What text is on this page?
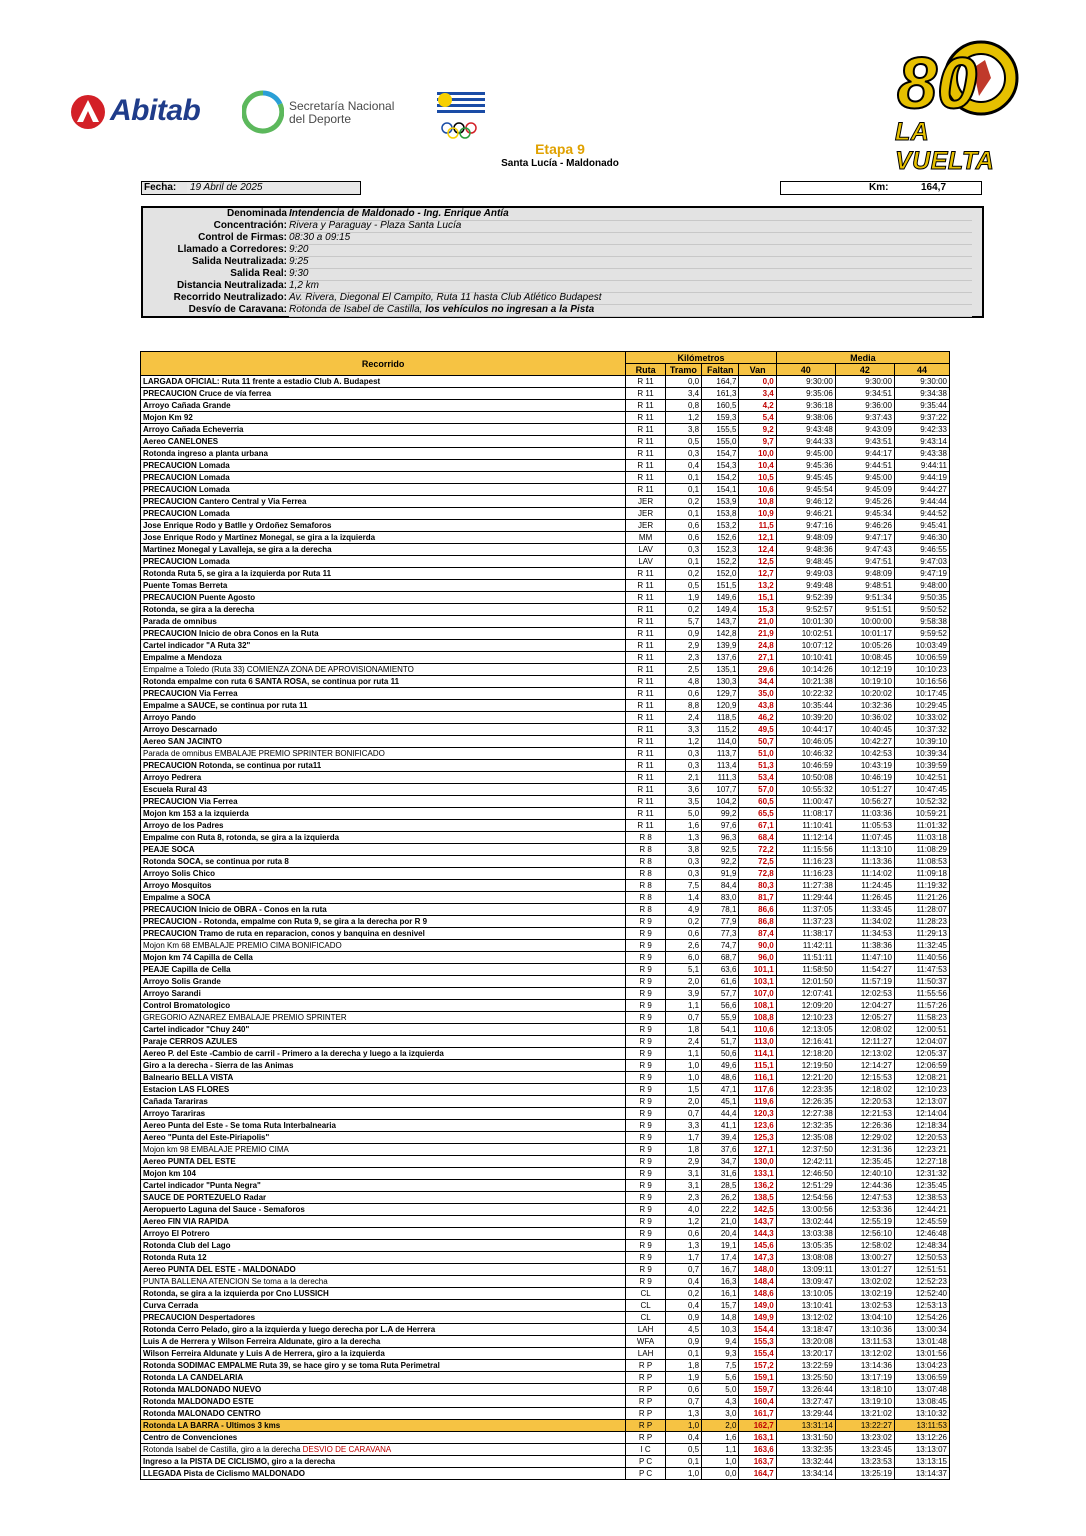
Abitab	Secretaría Nacional
del Deporte	80
LA VUELTA
Etapa 9
Santa Lucía - Maldonado
Fecha:	19 Abril de 2025	Km:	164,7
Denominada Intendencia de Maldonado - Ing. Enrique Antía
Concentración: Rivera y Paraguay - Plaza Santa Lucía
Control de Firmas: 08:30 a 09:15
Llamado a Corredores: 9:20
Salida Neutralizada: 9:25
Salida Real: 9:30
Distancia Neutralizada: 1,2 km
Recorrido Neutralizado: Av. Rivera, Diegonal El Campito, Ruta 11 hasta Club Atlético Budapest
Desvío de Caravana: Rotonda de Isabel de Castilla, los vehículos no ingresan a la Pista
Recorrido	Kilómetros				Media		
	Ruta	Tramo	Faltan	Van	40	42	44
LARGADA OFICIAL: Ruta 11 frente a estadio Club A. Budapest	R 11	0,0	164,7	0,0	9:30:00	9:30:00	9:30:00
PRECAUCION Cruce de vía ferrea	R 11	3,4	161,3	3,4	9:35:06	9:34:51	9:34:38
Arroyo Cañada Grande	R 11	0,8	160,5	4,2	9:36:18	9:36:00	9:35:44
Mojon Km 92	R 11	1,2	159,3	5,4	9:38:06	9:37:43	9:37:22
Arroyo Cañada Echeverria	R 11	3,8	155,5	9,2	9:43:48	9:43:09	9:42:33
Aereo CANELONES	R 11	0,5	155,0	9,7	9:44:33	9:43:51	9:43:14
Rotonda ingreso a planta urbana	R 11	0,3	154,7	10,0	9:45:00	9:44:17	9:43:38
PRECAUCION Lomada	R 11	0,4	154,3	10,4	9:45:36	9:44:51	9:44:11
PRECAUCION Lomada	R 11	0,1	154,2	10,5	9:45:45	9:45:00	9:44:19
PRECAUCION Lomada	R 11	0,1	154,1	10,6	9:45:54	9:45:09	9:44:27
PRECAUCION Cantero Central y Via Ferrea	JER	0,2	153,9	10,8	9:46:12	9:45:26	9:44:44
PRECAUCION Lomada	JER	0,1	153,8	10,9	9:46:21	9:45:34	9:44:52
Jose Enrique Rodo y Batlle y Ordoñez Semaforos	JER	0,6	153,2	11,5	9:47:16	9:46:26	9:45:41
Jose Enrique Rodo y Martinez Monegal, se gira a la izquierda	MM	0,6	152,6	12,1	9:48:09	9:47:17	9:46:30
Martinez Monegal y Lavalleja, se gira a la derecha	LAV	0,3	152,3	12,4	9:48:36	9:47:43	9:46:55
PRECAUCION Lomada	LAV	0,1	152,2	12,5	9:48:45	9:47:51	9:47:03
Rotonda Ruta 5, se gira a la izquierda por Ruta 11	R 11	0,2	152,0	12,7	9:49:03	9:48:09	9:47:19
Puente Tomas Berreta	R 11	0,5	151,5	13,2	9:49:48	9:48:51	9:48:00
PRECAUCION Puente Agosto	R 11	1,9	149,6	15,1	9:52:39	9:51:34	9:50:35
Rotonda, se gira a la derecha	R 11	0,2	149,4	15,3	9:52:57	9:51:51	9:50:52
Parada de omnibus	R 11	5,7	143,7	21,0	10:01:30	10:00:00	9:58:38
PRECAUCION Inicio de obra Conos en la Ruta	R 11	0,9	142,8	21,9	10:02:51	10:01:17	9:59:52
Cartel indicador "A Ruta 32"	R 11	2,9	139,9	24,8	10:07:12	10:05:26	10:03:49
Empalme a Mendoza	R 11	2,3	137,6	27,1	10:10:41	10:08:45	10:06:59
Empalme a Toledo (Ruta 33) COMIENZA ZONA DE APROVISIONAMIENTO	R 11	2,5	135,1	29,6	10:14:26	10:12:19	10:10:23
Rotonda empalme con ruta 6 SANTA ROSA, se continua por ruta 11	R 11	4,8	130,3	34,4	10:21:38	10:19:10	10:16:56
PRECAUCION Via Ferrea	R 11	0,6	129,7	35,0	10:22:32	10:20:02	10:17:45
Empalme a SAUCE, se continua por ruta 11	R 11	8,8	120,9	43,8	10:35:44	10:32:36	10:29:45
Arroyo Pando	R 11	2,4	118,5	46,2	10:39:20	10:36:02	10:33:02
Arroyo Descarnado	R 11	3,3	115,2	49,5	10:44:17	10:40:45	10:37:32
Aereo SAN JACINTO	R 11	1,2	114,0	50,7	10:46:05	10:42:27	10:39:10
Parada de omnibus EMBALAJE PREMIO SPRINTER BONIFICADO	R 11	0,3	113,7	51,0	10:46:32	10:42:53	10:39:34
PRECAUCION Rotonda, se continua por ruta11	R 11	0,3	113,4	51,3	10:46:59	10:43:19	10:39:59
Arroyo Pedrera	R 11	2,1	111,3	53,4	10:50:08	10:46:19	10:42:51
Escuela Rural 43	R 11	3,6	107,7	57,0	10:55:32	10:51:27	10:47:45
PRECAUCION Via Ferrea	R 11	3,5	104,2	60,5	11:00:47	10:56:27	10:52:32
Mojon km 153 a la izquierda	R 11	5,0	99,2	65,5	11:08:17	11:03:36	10:59:21
Arroyo de los Padres	R 11	1,6	97,6	67,1	11:10:41	11:05:53	11:01:32
Empalme con Ruta 8, rotonda, se gira a la izquierda	R 8	1,3	96,3	68,4	11:12:14	11:07:45	11:03:18
PEAJE SOCA	R 8	3,8	92,5	72,2	11:15:56	11:13:10	11:08:29
Rotonda SOCA, se continua por ruta 8	R 8	0,3	92,2	72,5	11:16:23	11:13:36	11:08:53
Arroyo Solis Chico	R 8	0,3	91,9	72,8	11:16:23	11:14:02	11:09:18
Arroyo Mosquitos	R 8	7,5	84,4	80,3	11:27:38	11:24:45	11:19:32
Empalme a SOCA	R 8	1,4	83,0	81,7	11:29:44	11:26:45	11:21:26
PRECAUCION Inicio de OBRA - Conos en la ruta	R 8	4,9	78,1	86,6	11:37:05	11:33:45	11:28:07
PRECAUCION - Rotonda, empalme con Ruta 9, se gira a la derecha por R 9	R 9	0,2	77,9	86,8	11:37:23	11:34:02	11:28:23
PRECAUCION Tramo de ruta en reparacion, conos y banquina en desnivel	R 9	0,6	77,3	87,4	11:38:17	11:34:53	11:29:13
Mojon Km 68 EMBALAJE PREMIO CIMA BONIFICADO	R 9	2,6	74,7	90,0	11:42:11	11:38:36	11:32:45
Mojon km 74 Capilla de Cella	R 9	6,0	68,7	96,0	11:51:11	11:47:10	11:40:56
PEAJE Capilla de Cella	R 9	5,1	63,6	101,1	11:58:50	11:54:27	11:47:53
Arroyo Solis Grande	R 9	2,0	61,6	103,1	12:01:50	11:57:19	11:50:37
Arroyo Sarandi	R 9	3,9	57,7	107,0	12:07:41	12:02:53	11:55:56
Control Bromatologico	R 9	1,1	56,6	108,1	12:09:20	12:04:27	11:57:26
GREGORIO AZNAREZ EMBALAJE PREMIO SPRINTER	R 9	0,7	55,9	108,8	12:10:23	12:05:27	11:58:23
Cartel indicador "Chuy 240"	R 9	1,8	54,1	110,6	12:13:05	12:08:02	12:00:51
Paraje CERROS AZULES	R 9	2,4	51,7	113,0	12:16:41	12:11:27	12:04:07
Aereo P. del Este -Cambio de carril - Primero a la derecha y luego a la izquierda	R 9	1,1	50,6	114,1	12:18:20	12:13:02	12:05:37
Giro a la derecha - Sierra de las Animas	R 9	1,0	49,6	115,1	12:19:50	12:14:27	12:06:59
Balneario BELLA VISTA	R 9	1,0	48,6	116,1	12:21:20	12:15:53	12:08:21
Estacion LAS FLORES	R 9	1,5	47,1	117,6	12:23:35	12:18:02	12:10:23
Cañada Tarariras	R 9	2,0	45,1	119,6	12:26:35	12:20:53	12:13:07
Arroyo Tarariras	R 9	0,7	44,4	120,3	12:27:38	12:21:53	12:14:04
Aereo Punta del Este - Se toma Ruta Interbalnearia	R 9	3,3	41,1	123,6	12:32:35	12:26:36	12:18:34
Aereo "Punta del Este-Piriapolis"	R 9	1,7	39,4	125,3	12:35:08	12:29:02	12:20:53
Mojon km 98 EMBALAJE PREMIO CIMA	R 9	1,8	37,6	127,1	12:37:50	12:31:36	12:23:21
Aereo PUNTA DEL ESTE	R 9	2,9	34,7	130,0	12:42:11	12:35:45	12:27:18
Mojon km 104	R 9	3,1	31,6	133,1	12:46:50	12:40:10	12:31:32
Cartel indicador "Punta Negra"	R 9	3,1	28,5	136,2	12:51:29	12:44:36	12:35:45
SAUCE DE PORTEZUELO Radar	R 9	2,3	26,2	138,5	12:54:56	12:47:53	12:38:53
Aeropuerto Laguna del Sauce - Semaforos	R 9	4,0	22,2	142,5	13:00:56	12:53:36	12:44:21
Aereo FIN VIA RAPIDA	R 9	1,2	21,0	143,7	13:02:44	12:55:19	12:45:59
Arroyo El Potrero	R 9	0,6	20,4	144,3	13:03:38	12:56:10	12:46:48
Rotonda Club del Lago	R 9	1,3	19,1	145,6	13:05:35	12:58:02	12:48:34
Rotonda Ruta 12	R 9	1,7	17,4	147,3	13:08:08	13:00:27	12:50:53
Aereo PUNTA DEL ESTE - MALDONADO	R 9	0,7	16,7	148,0	13:09:11	13:01:27	12:51:51
PUNTA BALLENA ATENCION Se toma a la derecha	R 9	0,4	16,3	148,4	13:09:47	13:02:02	12:52:23
Rotonda, se gira a la izquierda por Cno LUSSICH	CL	0,2	16,1	148,6	13:10:05	13:02:19	12:52:40
Curva Cerrada	CL	0,4	15,7	149,0	13:10:41	13:02:53	12:53:13
PRECAUCION Despertadores	CL	0,9	14,8	149,9	13:12:02	13:04:10	12:54:26
Rotonda Cerro Pelado, giro a la izquierda y luego derecha por L.A de Herrera	LAH	4,5	10,3	154,4	13:18:47	13:10:36	13:00:34
Luis A de Herrera y Wilson Ferreira Aldunate, giro a la derecha	WFA	0,9	9,4	155,3	13:20:08	13:11:53	13:01:48
Wilson Ferreira Aldunate y Luis A de Herrera, giro a la izquierda	LAH	0,1	9,3	155,4	13:20:17	13:12:02	13:01:56
Rotonda SODIMAC EMPALME Ruta 39, se hace giro y se toma Ruta Perimetral	R P	1,8	7,5	157,2	13:22:59	13:14:36	13:04:23
Rotonda LA CANDELARIA	R P	1,9	5,6	159,1	13:25:50	13:17:19	13:06:59
Rotonda MALDONADO NUEVO	R P	0,6	5,0	159,7	13:26:44	13:18:10	13:07:48
Rotonda MALDONADO ESTE	R P	0,7	4,3	160,4	13:27:47	13:19:10	13:08:45
Rotonda MALONADO CENTRO	R P	1,3	3,0	161,7	13:29:44	13:21:02	13:10:32
Rotonda LA BARRA - Ultimos 3 kms	R P	1,0	2,0	162,7	13:31:14	13:22:27	13:11:53
Centro de Convenciones	R P	0,4	1,6	163,1	13:31:50	13:23:02	13:12:26
Rotonda Isabel de Castilla, giro a la derecha DESVIO DE CARAVANA	I C	0,5	1,1	163,6	13:32:35	13:23:45	13:13:07
Ingreso a la PISTA DE CICLISMO, giro a la derecha	P C	0,1	1,0	163,7	13:32:44	13:23:53	13:13:15
LLEGADA Pista de Ciclismo MALDONADO	P C	1,0	0,0	164,7	13:34:14	13:25:19	13:14:37
